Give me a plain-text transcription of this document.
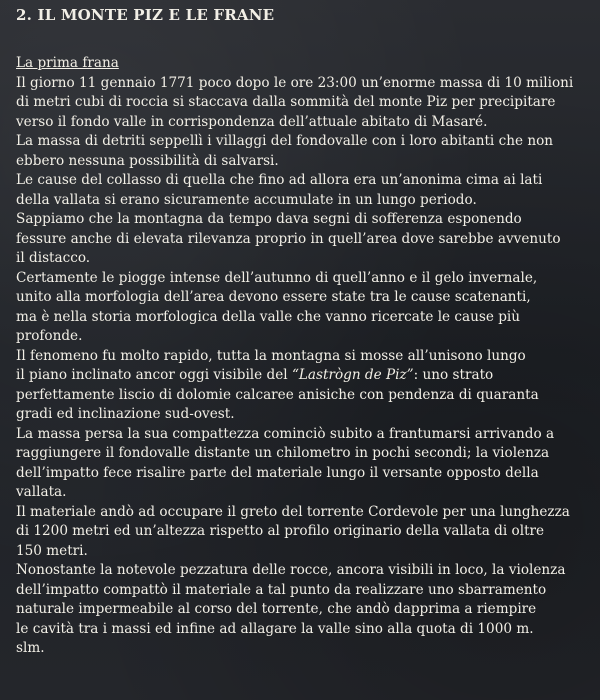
2. IL MONTE PIZ E LE FRANE
La prima frana
Il giorno 11 gennaio 1771 poco dopo le ore 23:00 un’enorme massa di 10 milioni
di metri cubi di roccia si staccava dalla sommità del monte Piz per precipitare
verso il fondo valle in corrispondenza dell’attuale abitato di Masaré.
La massa di detriti seppellì i villaggi del fondovalle con i loro abitanti che non
ebbero nessuna possibilità di salvarsi.
Le cause del collasso di quella che fino ad allora era un’anonima cima ai lati
della vallata si erano sicuramente accumulate in un lungo periodo.
Sappiamo che la montagna da tempo dava segni di sofferenza esponendo
fessure anche di elevata rilevanza proprio in quell’area dove sarebbe avvenuto
il distacco.
Certamente le piogge intense dell’autunno di quell’anno e il gelo invernale,
unito alla morfologia dell’area devono essere state tra le cause scatenanti,
ma è nella storia morfologica della valle che vanno ricercate le cause più
profonde.
Il fenomeno fu molto rapido, tutta la montagna si mosse all’unisono lungo
il piano inclinato ancor oggi visibile del “Lastrògn de Piz”: uno strato
perfettamente liscio di dolomie calcaree anisiche con pendenza di quaranta
gradi ed inclinazione sud-ovest.
La massa persa la sua compattezza cominciò subito a frantumarsi arrivando a
raggiungere il fondovalle distante un chilometro in pochi secondi; la violenza
dell’impatto fece risalire parte del materiale lungo il versante opposto della
vallata.
Il materiale andò ad occupare il greto del torrente Cordevole per una lunghezza
di 1200 metri ed un’altezza rispetto al profilo originario della vallata di oltre
150 metri.
Nonostante la notevole pezzatura delle rocce, ancora visibili in loco, la violenza
dell’impatto compattò il materiale a tal punto da realizzare uno sbarramento
naturale impermeabile al corso del torrente, che andò dapprima a riempire
le cavità tra i massi ed infine ad allagare la valle sino alla quota di 1000 m.
slm.
